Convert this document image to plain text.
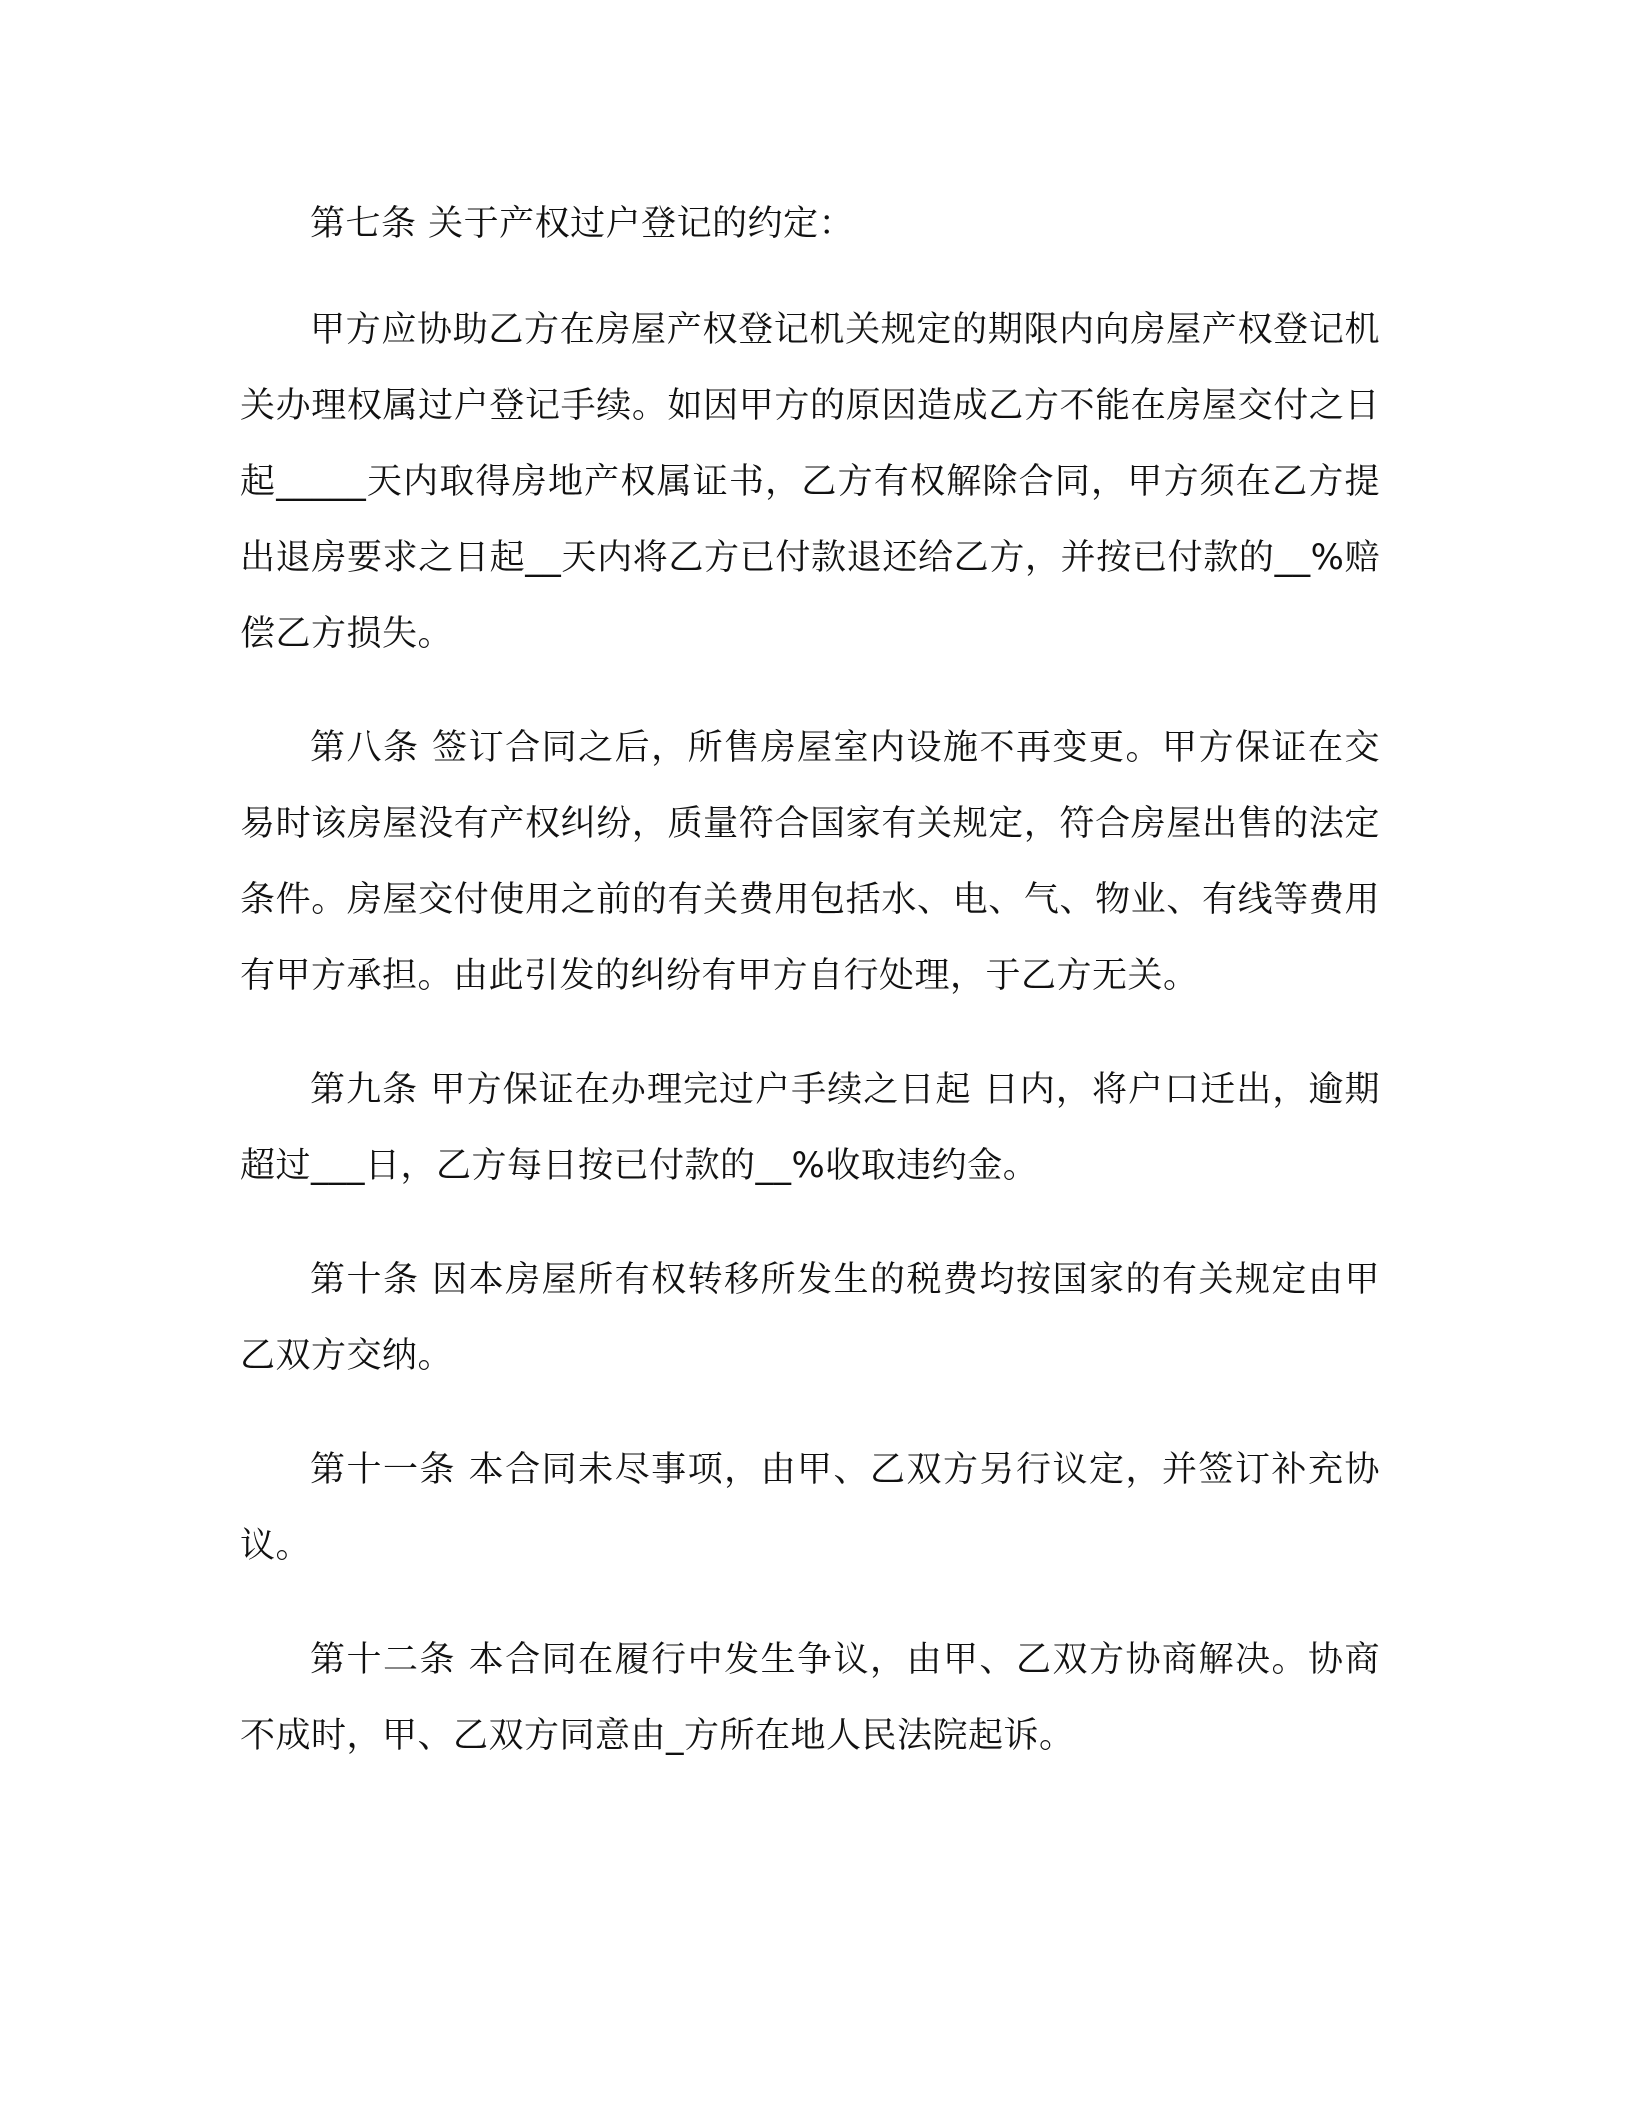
第七条 关于产权过户登记的约定：

甲方应协助乙方在房屋产权登记机关规定的期限内向房屋产权登记机关办理权属过户登记手续。如因甲方的原因造成乙方不能在房屋交付之日起_____天内取得房地产权属证书，乙方有权解除合同，甲方须在乙方提出退房要求之日起__天内将乙方已付款退还给乙方，并按已付款的__%赔偿乙方损失。

第八条 签订合同之后，所售房屋室内设施不再变更。甲方保证在交易时该房屋没有产权纠纷，质量符合国家有关规定，符合房屋出售的法定条件。房屋交付使用之前的有关费用包括水、电、气、物业、有线等费用有甲方承担。由此引发的纠纷有甲方自行处理，于乙方无关。

第九条 甲方保证在办理完过户手续之日起 日内，将户口迁出，逾期超过___日，乙方每日按已付款的__%收取违约金。

第十条 因本房屋所有权转移所发生的税费均按国家的有关规定由甲乙双方交纳。

第十一条 本合同未尽事项，由甲、乙双方另行议定，并签订补充协议。

第十二条 本合同在履行中发生争议，由甲、乙双方协商解决。协商不成时，甲、乙双方同意由_方所在地人民法院起诉。
